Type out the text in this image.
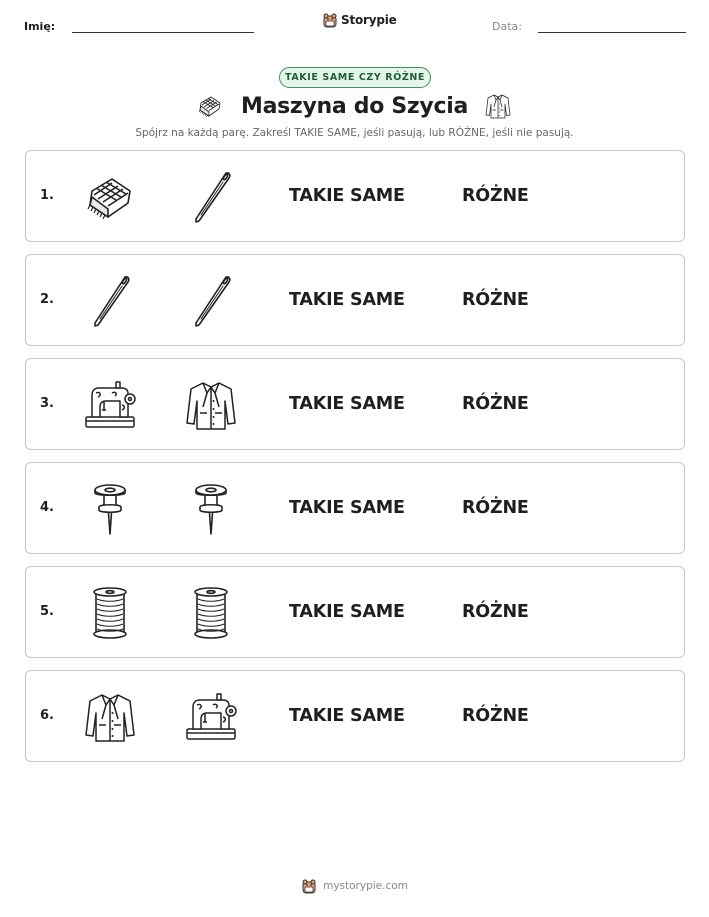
Imię:	Storypie	Data:
TAKIE SAME CZY RÓŻNE
Maszyna do Szycia
Spójrz na każdą parę. Zakreśl TAKIE SAME, jeśli pasują, lub RÓŻNE, jeśli nie pasują.
1.	TAKIE SAME	RÓŻNE
2.	TAKIE SAME	RÓŻNE
3.	TAKIE SAME	RÓŻNE
4.	TAKIE SAME	RÓŻNE
5.	TAKIE SAME	RÓŻNE
6.	TAKIE SAME	RÓŻNE
mystorypie.com
